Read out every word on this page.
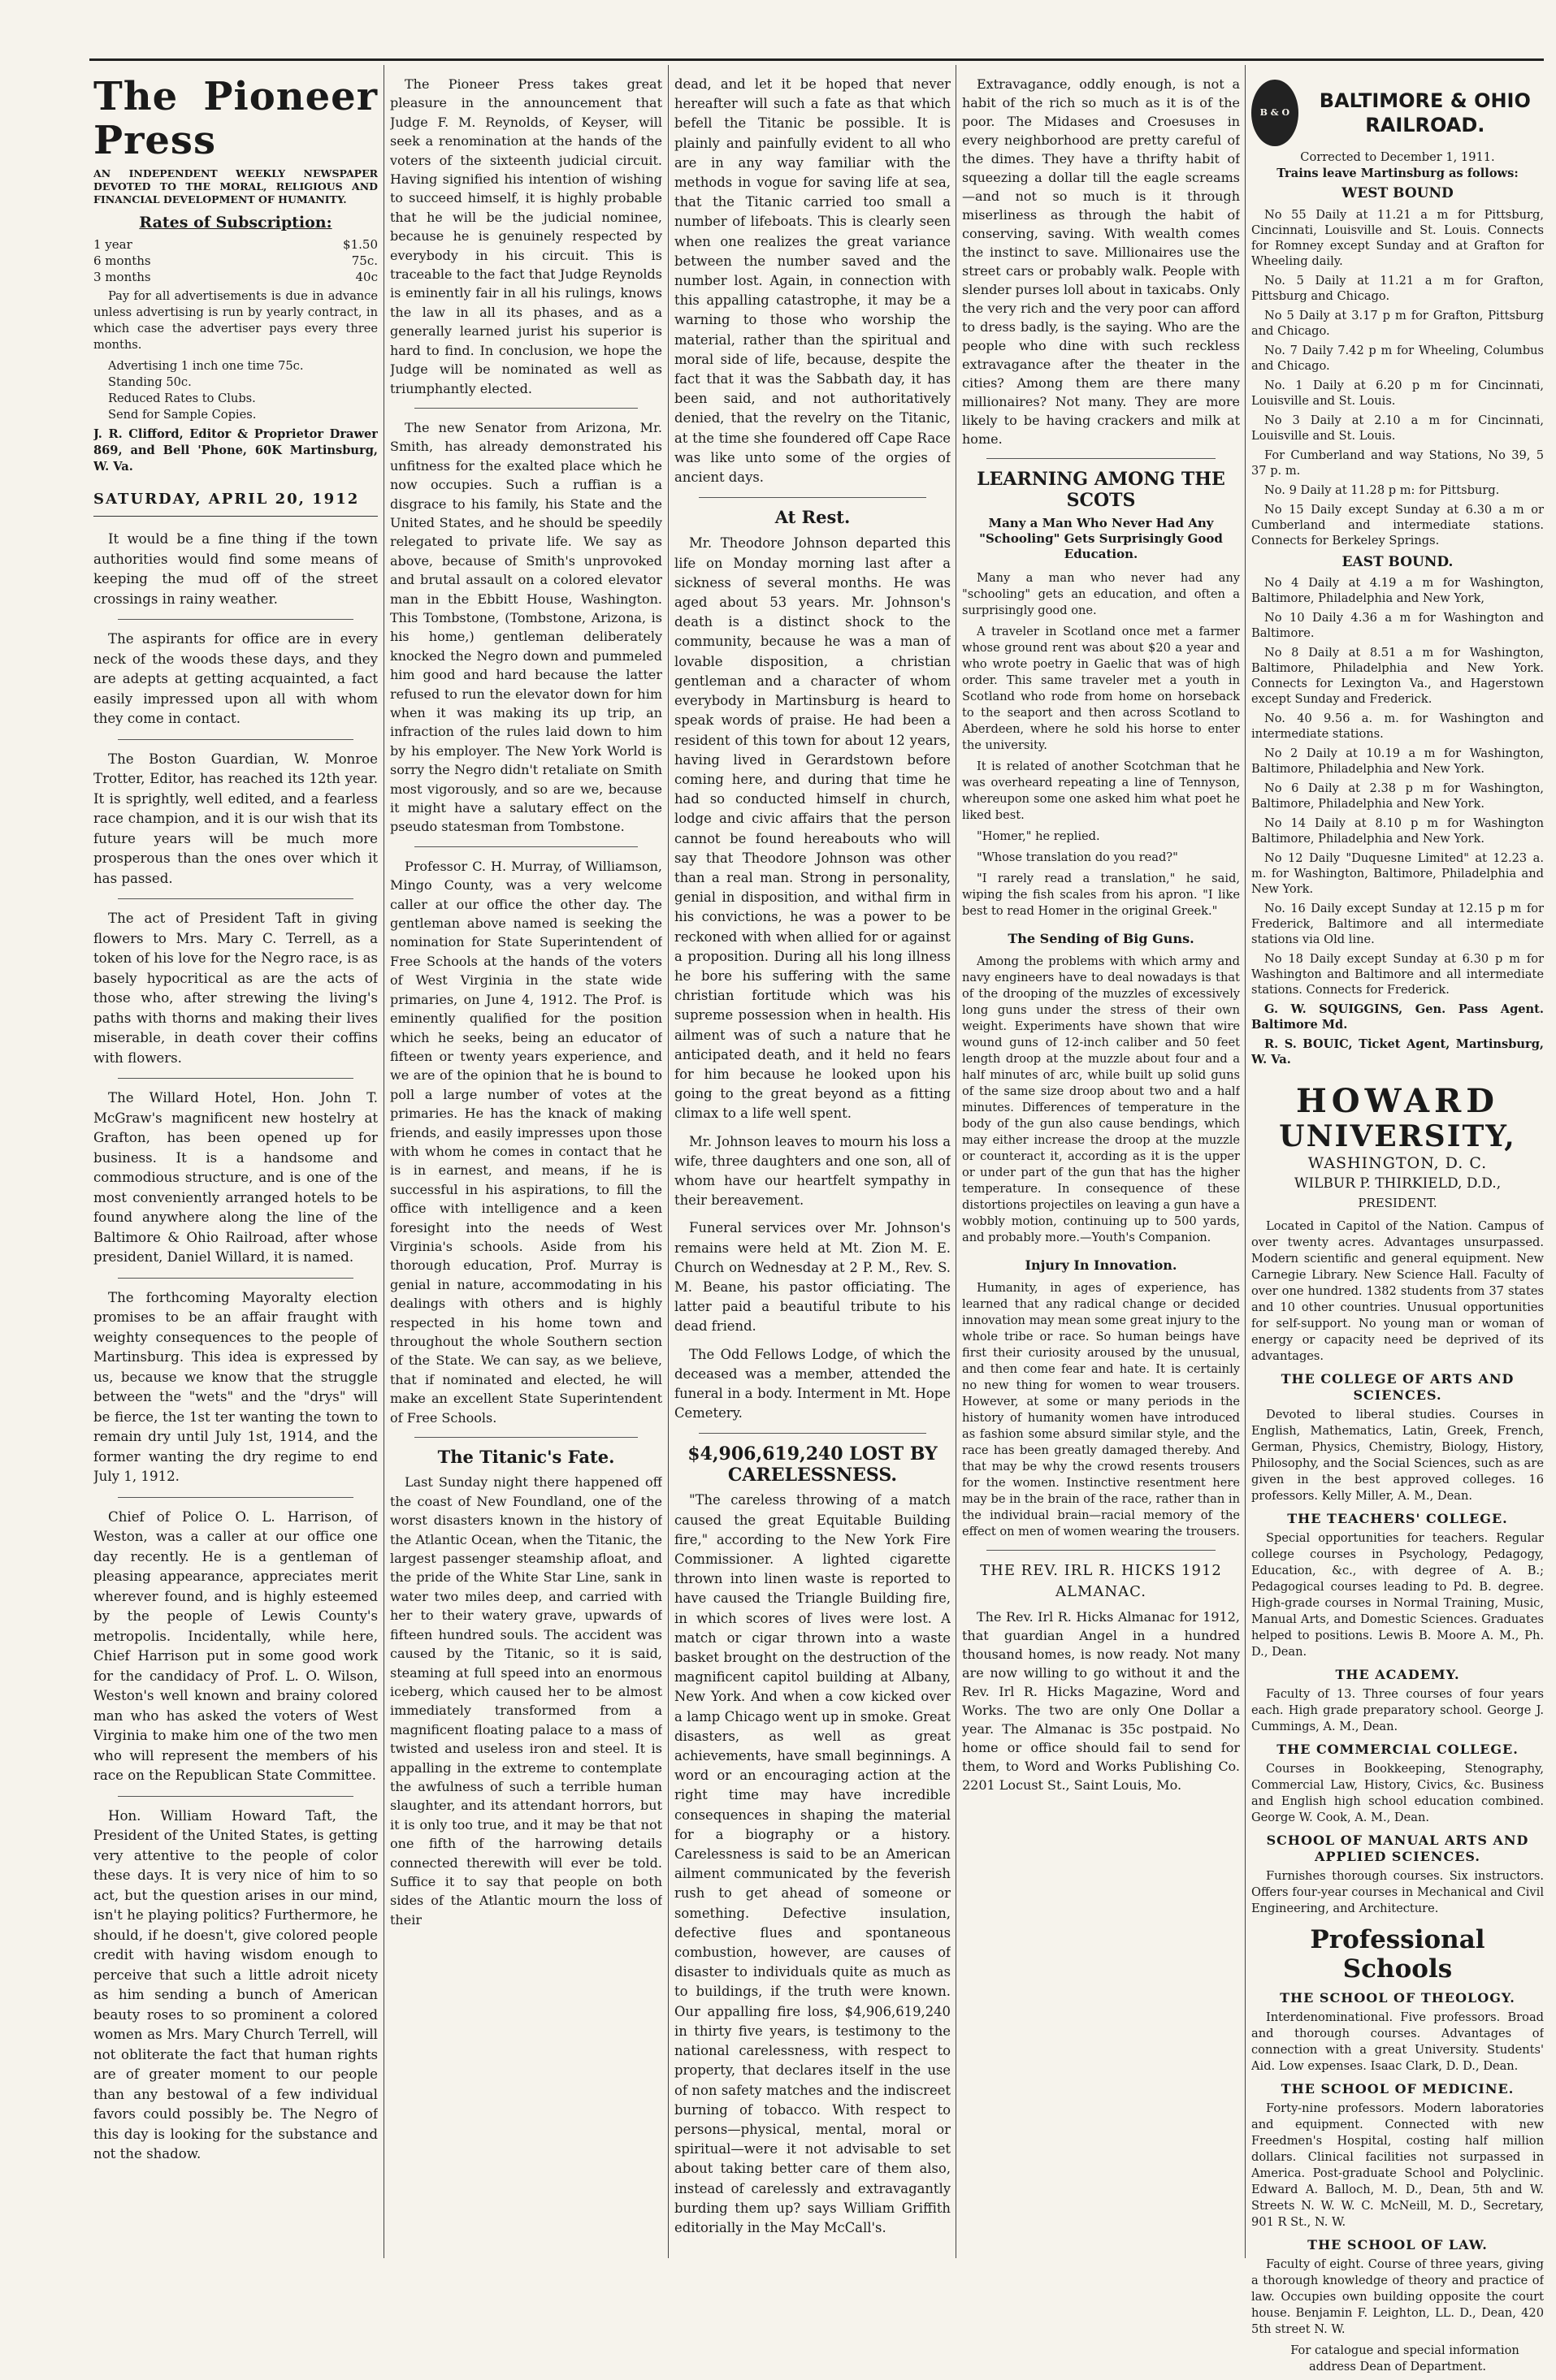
The Pioneer Press
AN INDEPENDENT WEEKLY NEWSPAPER DEVOTED TO THE MORAL, RELIGIOUS AND FINANCIAL DEVELOPMENT OF HUMANITY.
Rates of Subscription:
1 year	$1.50
6 months	75c.
3 months	40c

Pay for all advertisements is due in advance unless advertising is run by yearly contract, in which case the advertiser pays every three months.

Advertising 1 inch one time 75c.

Standing 50c.

Reduced Rates to Clubs.

Send for Sample Copies.

J. R. Clifford, Editor & Proprietor Drawer 869, and Bell 'Phone, 60K Martinsburg, W. Va.

SATURDAY, APRIL 20, 1912

It would be a fine thing if the town authorities would find some means of keeping the mud off of the street crossings in rainy weather.

The aspirants for office are in every neck of the woods these days, and they are adepts at getting acquainted, a fact easily impressed upon all with whom they come in contact.

The Boston Guardian, W. Monroe Trotter, Editor, has reached its 12th year. It is sprightly, well edited, and a fearless race champion, and it is our wish that its future years will be much more prosperous than the ones over which it has passed.

The act of President Taft in giving flowers to Mrs. Mary C. Terrell, as a token of his love for the Negro race, is as basely hypocritical as are the acts of those who, after strewing the living's paths with thorns and making their lives miserable, in death cover their coffins with flowers.

The Willard Hotel, Hon. John T. McGraw's magnificent new hostelry at Grafton, has been opened up for business. It is a handsome and commodious structure, and is one of the most conveniently arranged hotels to be found anywhere along the line of the Baltimore & Ohio Railroad, after whose president, Daniel Willard, it is named.

The forthcoming Mayoralty election promises to be an affair fraught with weighty consequences to the people of Martinsburg. This idea is expressed by us, because we know that the struggle between the "wets" and the "drys" will be fierce, the 1st ter wanting the town to remain dry until July 1st, 1914, and the former wanting the dry regime to end July 1, 1912.

Chief of Police O. L. Harrison, of Weston, was a caller at our office one day recently. He is a gentleman of pleasing appearance, appreciates merit wherever found, and is highly esteemed by the people of Lewis County's metropolis. Incidentally, while here, Chief Harrison put in some good work for the candidacy of Prof. L. O. Wilson, Weston's well known and brainy colored man who has asked the voters of West Virginia to make him one of the two men who will represent the members of his race on the Republican State Committee.

Hon. William Howard Taft, the President of the United States, is getting very attentive to the people of color these days. It is very nice of him to so act, but the question arises in our mind, isn't he playing politics? Furthermore, he should, if he doesn't, give colored people credit with having wisdom enough to perceive that such a little adroit nicety as him sending a bunch of American beauty roses to so prominent a colored women as Mrs. Mary Church Terrell, will not obliterate the fact that human rights are of greater moment to our people than any bestowal of a few individual favors could possibly be. The Negro of this day is looking for the substance and not the shadow.

The Pioneer Press takes great pleasure in the announcement that Judge F. M. Reynolds, of Keyser, will seek a renomination at the hands of the voters of the sixteenth judicial circuit. Having signified his intention of wishing to succeed himself, it is highly probable that he will be the judicial nominee, because he is genuinely respected by everybody in his circuit. This is traceable to the fact that Judge Reynolds is eminently fair in all his rulings, knows the law in all its phases, and as a generally learned jurist his superior is hard to find. In conclusion, we hope the Judge will be nominated as well as triumphantly elected.

The new Senator from Arizona, Mr. Smith, has already demonstrated his unfitness for the exalted place which he now occupies. Such a ruffian is a disgrace to his family, his State and the United States, and he should be speedily relegated to private life. We say as above, because of Smith's unprovoked and brutal assault on a colored elevator man in the Ebbitt House, Washington. This Tombstone, (Tombstone, Arizona, is his home,) gentleman deliberately knocked the Negro down and pummeled him good and hard because the latter refused to run the elevator down for him when it was making its up trip, an infraction of the rules laid down to him by his employer. The New York World is sorry the Negro didn't retaliate on Smith most vigorously, and so are we, because it might have a salutary effect on the pseudo statesman from Tombstone.

Professor C. H. Murray, of Williamson, Mingo County, was a very welcome caller at our office the other day. The gentleman above named is seeking the nomination for State Superintendent of Free Schools at the hands of the voters of West Virginia in the state wide primaries, on June 4, 1912. The Prof. is eminently qualified for the position which he seeks, being an educator of fifteen or twenty years experience, and we are of the opinion that he is bound to poll a large number of votes at the primaries. He has the knack of making friends, and easily impresses upon those with whom he comes in contact that he is in earnest, and means, if he is successful in his aspirations, to fill the office with intelligence and a keen foresight into the needs of West Virginia's schools. Aside from his thorough education, Prof. Murray is genial in nature, accommodating in his dealings with others and is highly respected in his home town and throughout the whole Southern section of the State. We can say, as we believe, that if nominated and elected, he will make an excellent State Superintendent of Free Schools.

The Titanic's Fate.

Last Sunday night there happened off the coast of New Foundland, one of the worst disasters known in the history of the Atlantic Ocean, when the Titanic, the largest passenger steamship afloat, and the pride of the White Star Line, sank in water two miles deep, and carried with her to their watery grave, upwards of fifteen hundred souls. The accident was caused by the Titanic, so it is said, steaming at full speed into an enormous iceberg, which caused her to be almost immediately transformed from a magnificent floating palace to a mass of twisted and useless iron and steel. It is appalling in the extreme to contemplate the awfulness of such a terrible human slaughter, and its attendant horrors, but it is only too true, and it may be that not one fifth of the harrowing details connected therewith will ever be told. Suffice it to say that people on both sides of the Atlantic mourn the loss of their

dead, and let it be hoped that never hereafter will such a fate as that which befell the Titanic be possible. It is plainly and painfully evident to all who are in any way familiar with the methods in vogue for saving life at sea, that the Titanic carried too small a number of lifeboats. This is clearly seen when one realizes the great variance between the number saved and the number lost. Again, in connection with this appalling catastrophe, it may be a warning to those who worship the material, rather than the spiritual and moral side of life, because, despite the fact that it was the Sabbath day, it has been said, and not authoritatively denied, that the revelry on the Titanic, at the time she foundered off Cape Race was like unto some of the orgies of ancient days.

At Rest.

Mr. Theodore Johnson departed this life on Monday morning last after a sickness of several months. He was aged about 53 years. Mr. Johnson's death is a distinct shock to the community, because he was a man of lovable disposition, a christian gentleman and a character of whom everybody in Martinsburg is heard to speak words of praise. He had been a resident of this town for about 12 years, having lived in Gerardstown before coming here, and during that time he had so conducted himself in church, lodge and civic affairs that the person cannot be found hereabouts who will say that Theodore Johnson was other than a real man. Strong in personality, genial in disposition, and withal firm in his convictions, he was a power to be reckoned with when allied for or against a proposition. During all his long illness he bore his suffering with the same christian fortitude which was his supreme possession when in health. His ailment was of such a nature that he anticipated death, and it held no fears for him because he looked upon his going to the great beyond as a fitting climax to a life well spent.

Mr. Johnson leaves to mourn his loss a wife, three daughters and one son, all of whom have our heartfelt sympathy in their bereavement.

Funeral services over Mr. Johnson's remains were held at Mt. Zion M. E. Church on Wednesday at 2 P. M., Rev. S. M. Beane, his pastor officiating. The latter paid a beautiful tribute to his dead friend.

The Odd Fellows Lodge, of which the deceased was a member, attended the funeral in a body. Interment in Mt. Hope Cemetery.

$4,906,619,240 LOST BY CARELESSNESS.

"The careless throwing of a match caused the great Equitable Building fire," according to the New York Fire Commissioner. A lighted cigarette thrown into linen waste is reported to have caused the Triangle Building fire, in which scores of lives were lost. A match or cigar thrown into a waste basket brought on the destruction of the magnificent capitol building at Albany, New York. And when a cow kicked over a lamp Chicago went up in smoke. Great disasters, as well as great achievements, have small beginnings. A word or an encouraging action at the right time may have incredible consequences in shaping the material for a biography or a history. Carelessness is said to be an American ailment communicated by the feverish rush to get ahead of someone or something. Defective insulation, defective flues and spontaneous combustion, however, are causes of disaster to individuals quite as much as to buildings, if the truth were known. Our appalling fire loss, $4,906,619,240 in thirty five years, is testimony to the national carelessness, with respect to property, that declares itself in the use of non safety matches and the indiscreet burning of tobacco. With respect to persons—physical, mental, moral or spiritual—were it not advisable to set about taking better care of them also, instead of carelessly and extravagantly burding them up? says William Griffith editorially in the May McCall's.

Extravagance, oddly enough, is not a habit of the rich so much as it is of the poor. The Midases and Croesuses in every neighborhood are pretty careful of the dimes. They have a thrifty habit of squeezing a dollar till the eagle screams—and not so much is it through miserliness as through the habit of conserving, saving. With wealth comes the instinct to save. Millionaires use the street cars or probably walk. People with slender purses loll about in taxicabs. Only the very rich and the very poor can afford to dress badly, is the saying. Who are the people who dine with such reckless extravagance after the theater in the cities? Among them are there many millionaires? Not many. They are more likely to be having crackers and milk at home.

LEARNING AMONG THE SCOTS
Many a Man Who Never Had Any "Schooling" Gets Surprisingly Good Education.

Many a man who never had any "schooling" gets an education, and often a surprisingly good one.

A traveler in Scotland once met a farmer whose ground rent was about $20 a year and who wrote poetry in Gaelic that was of high order. This same traveler met a youth in Scotland who rode from home on horseback to the seaport and then across Scotland to Aberdeen, where he sold his horse to enter the university.

It is related of another Scotchman that he was overheard repeating a line of Tennyson, whereupon some one asked him what poet he liked best.

"Homer," he replied.

"Whose translation do you read?"

"I rarely read a translation," he said, wiping the fish scales from his apron. "I like best to read Homer in the original Greek."

The Sending of Big Guns.

Among the problems with which army and navy engineers have to deal nowadays is that of the drooping of the muzzles of excessively long guns under the stress of their own weight. Experiments have shown that wire wound guns of 12-inch caliber and 50 feet length droop at the muzzle about four and a half minutes of arc, while built up solid guns of the same size droop about two and a half minutes. Differences of temperature in the body of the gun also cause bendings, which may either increase the droop at the muzzle or counteract it, according as it is the upper or under part of the gun that has the higher temperature. In consequence of these distortions projectiles on leaving a gun have a wobbly motion, continuing up to 500 yards, and probably more.—Youth's Companion.

Injury In Innovation.

Humanity, in ages of experience, has learned that any radical change or decided innovation may mean some great injury to the whole tribe or race. So human beings have first their curiosity aroused by the unusual, and then come fear and hate. It is certainly no new thing for women to wear trousers. However, at some or many periods in the history of humanity women have introduced as fashion some absurd similar style, and the race has been greatly damaged thereby. And that may be why the crowd resents trousers for the women. Instinctive resentment here may be in the brain of the race, rather than in the individual brain—racial memory of the effect on men of women wearing the trousers.

THE REV. IRL R. HICKS 1912 ALMANAC.

The Rev. Irl R. Hicks Almanac for 1912, that guardian Angel in a hundred thousand homes, is now ready. Not many are now willing to go without it and the Rev. Irl R. Hicks Magazine, Word and Works. The two are only One Dollar a year. The Almanac is 35c postpaid. No home or office should fail to send for them, to Word and Works Publishing Co. 2201 Locust St., Saint Louis, Mo.

B & O
BALTIMORE & OHIO RAILROAD.
Corrected to December 1, 1911.
Trains leave Martinsburg as follows:
WEST BOUND

No 55 Daily at 11.21 a m for Pittsburg, Cincinnati, Louisville and St. Louis. Connects for Romney except Sunday and at Grafton for Wheeling daily.

No. 5 Daily at 11.21 a m for Grafton, Pittsburg and Chicago.

No 5 Daily at 3.17 p m for Grafton, Pittsburg and Chicago.

No. 7 Daily 7.42 p m for Wheeling, Columbus and Chicago.

No. 1 Daily at 6.20 p m for Cincinnati, Louisville and St. Louis.

No 3 Daily at 2.10 a m for Cincinnati, Louisville and St. Louis.

For Cumberland and way Stations, No 39, 5 37 p. m.

No. 9 Daily at 11.28 p m: for Pittsburg.

No 15 Daily except Sunday at 6.30 a m or Cumberland and intermediate stations. Connects for Berkeley Springs.

EAST BOUND.

No 4 Daily at 4.19 a m for Washington, Baltimore, Philadelphia and New York,

No 10 Daily 4.36 a m for Washington and Baltimore.

No 8 Daily at 8.51 a m for Washington, Baltimore, Philadelphia and New York. Connects for Lexington Va., and Hagerstown except Sunday and Frederick.

No. 40 9.56 a. m. for Washington and intermediate stations.

No 2 Daily at 10.19 a m for Washington, Baltimore, Philadelphia and New York.

No 6 Daily at 2.38 p m for Washington, Baltimore, Philadelphia and New York.

No 14 Daily at 8.10 p m for Washington Baltimore, Philadelphia and New York.

No 12 Daily "Duquesne Limited" at 12.23 a. m. for Washington, Baltimore, Philadelphia and New York.

No. 16 Daily except Sunday at 12.15 p m for Frederick, Baltimore and all intermediate stations via Old line.

No 18 Daily except Sunday at 6.30 p m for Washington and Baltimore and all intermediate stations. Connects for Frederick.

G. W. SQUIGGINS, Gen. Pass Agent. Baltimore Md.

R. S. BOUIC, Ticket Agent, Martinsburg, W. Va.

HOWARD
UNIVERSITY,
WASHINGTON, D. C.
WILBUR P. THIRKIELD, D.D.,
PRESIDENT.

Located in Capitol of the Nation. Campus of over twenty acres. Advantages unsurpassed. Modern scientific and general equipment. New Carnegie Library. New Science Hall. Faculty of over one hundred. 1382 students from 37 states and 10 other countries. Unusual opportunities for self-support. No young man or woman of energy or capacity need be deprived of its advantages.

THE COLLEGE OF ARTS AND SCIENCES.

Devoted to liberal studies. Courses in English, Mathematics, Latin, Greek, French, German, Physics, Chemistry, Biology, History, Philosophy, and the Social Sciences, such as are given in the best approved colleges. 16 professors. Kelly Miller, A. M., Dean.

THE TEACHERS' COLLEGE.

Special opportunities for teachers. Regular college courses in Psychology, Pedagogy, Education, &c., with degree of A. B.; Pedagogical courses leading to Pd. B. degree. High-grade courses in Normal Training, Music, Manual Arts, and Domestic Sciences. Graduates helped to positions. Lewis B. Moore A. M., Ph. D., Dean.

THE ACADEMY.

Faculty of 13. Three courses of four years each. High grade preparatory school. George J. Cummings, A. M., Dean.

THE COMMERCIAL COLLEGE.

Courses in Bookkeeping, Stenography, Commercial Law, History, Civics, &c. Business and English high school education combined. George W. Cook, A. M., Dean.

SCHOOL OF MANUAL ARTS AND APPLIED SCIENCES.

Furnishes thorough courses. Six instructors. Offers four-year courses in Mechanical and Civil Engineering, and Architecture.

Professional Schools
THE SCHOOL OF THEOLOGY.

Interdenominational. Five professors. Broad and thorough courses. Advantages of connection with a great University. Students' Aid. Low expenses. Isaac Clark, D. D., Dean.

THE SCHOOL OF MEDICINE.

Forty-nine professors. Modern laboratories and equipment. Connected with new Freedmen's Hospital, costing half million dollars. Clinical facilities not surpassed in America. Post-graduate School and Polyclinic. Edward A. Balloch, M. D., Dean, 5th and W. Streets N. W. W. C. McNeill, M. D., Secretary, 901 R St., N. W.

THE SCHOOL OF LAW.

Faculty of eight. Course of three years, giving a thorough knowledge of theory and practice of law. Occupies own building opposite the court house. Benjamin F. Leighton, LL. D., Dean, 420 5th street N. W.

For catalogue and special information address Dean of Department.
